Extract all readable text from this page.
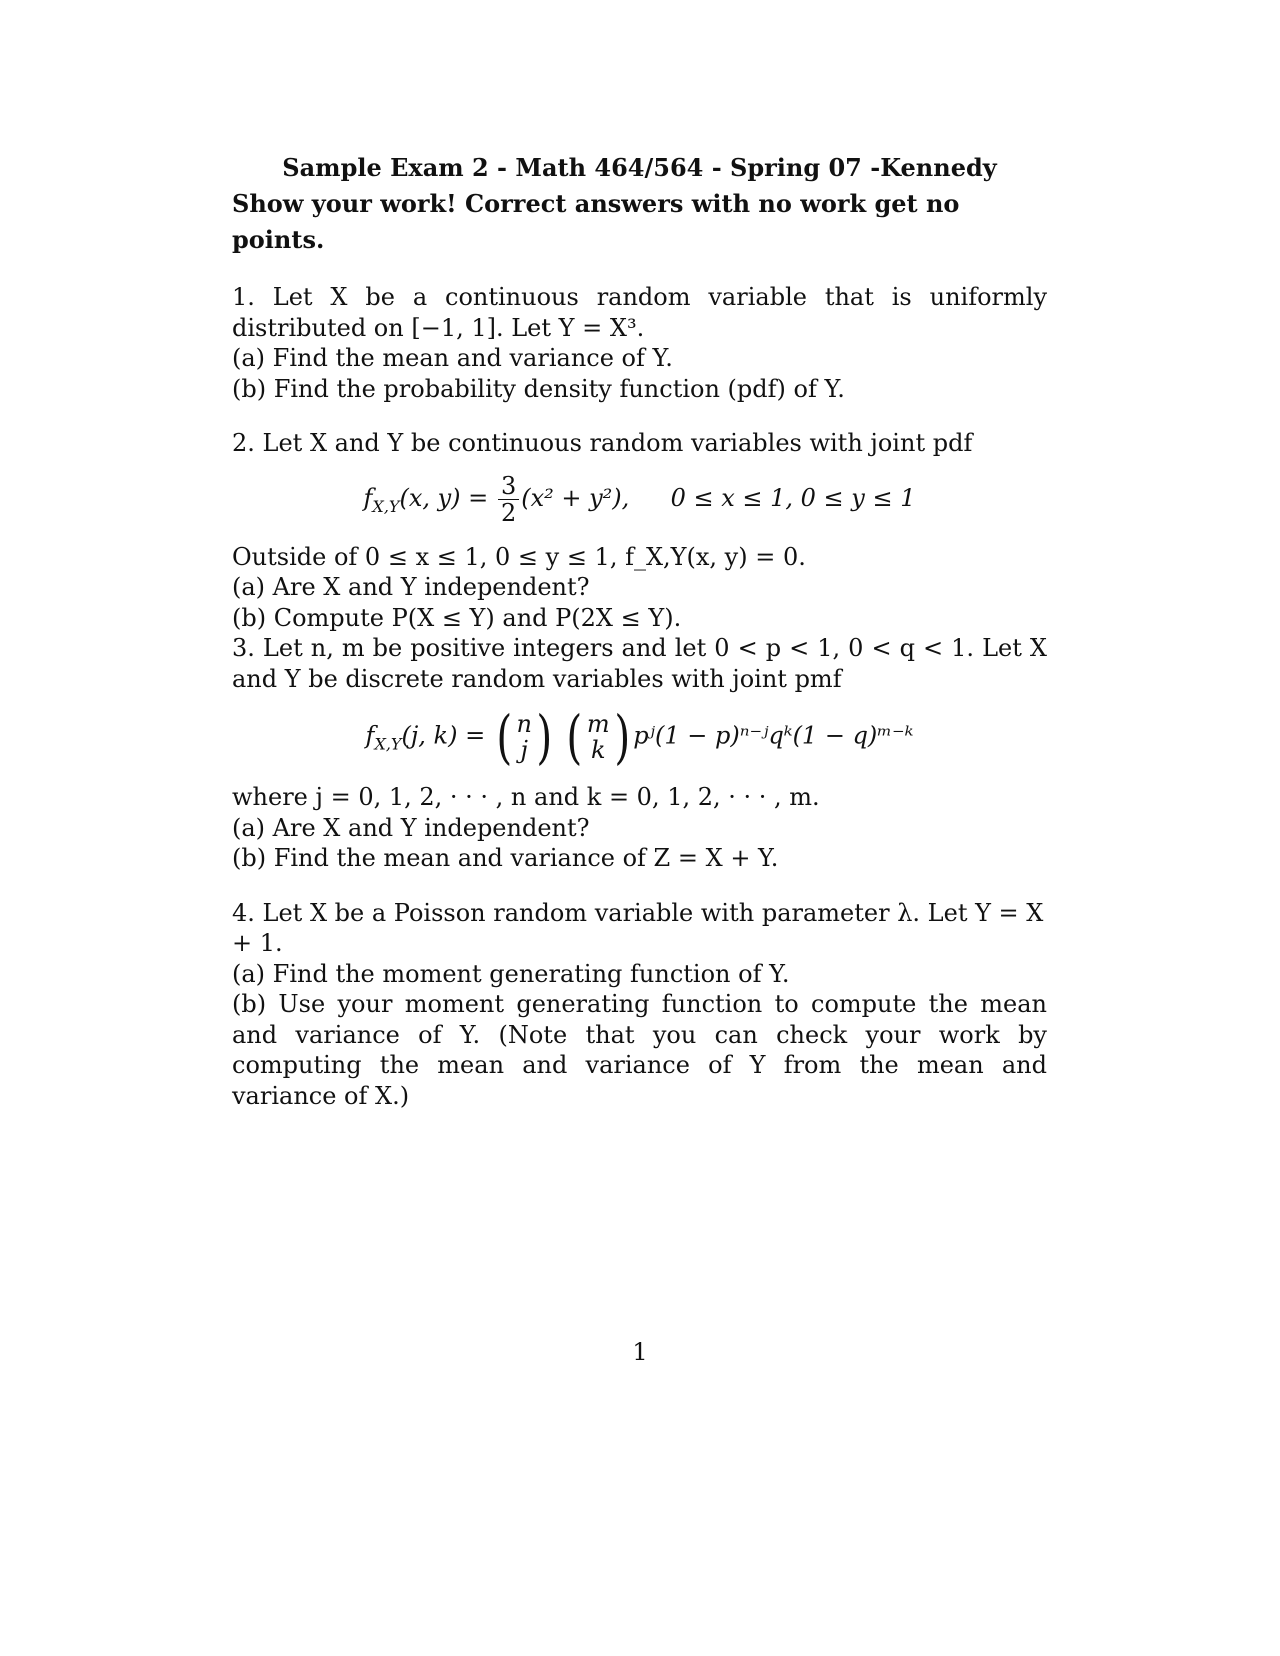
Sample Exam 2 - Math 464/564 - Spring 07 -Kennedy

Show your work! Correct answers with no work get no points.

1. Let X be a continuous random variable that is uniformly distributed on [−1, 1]. Let Y = X³.

(a) Find the mean and variance of Y.

(b) Find the probability density function (pdf) of Y.

2. Let X and Y be continuous random variables with joint pdf

$f_{X,Y}(x$, $y) = \frac{3}{2} (x^2 + y^2)$, 0 ≤ x ≤ 1, 0 ≤ y ≤ 1

Outside of 0 ≤ x ≤ 1, 0 ≤ y ≤ 1, f_X,Y(x, y) = 0.

(a) Are X and Y independent?

(b) Compute P(X ≤ Y) and P(2X ≤ Y).

3. Let n, m be positive integers and let 0 < p < 1, 0 < q < 1. Let X and Y be discrete random variables with joint pmf

$f_{X,Y}(j$, k) = ( n
j )
( m
k ) pʲ(1 − p)ⁿ⁻ʲqᵏ(1 − q)ᵐ⁻ᵏ

where j = 0, 1, 2, · · · , n and k = 0, 1, 2, · · · , m.

(a) Are X and Y independent?

(b) Find the mean and variance of Z = X + Y.

4. Let X be a Poisson random variable with parameter λ. Let Y = X + 1.

(a) Find the moment generating function of Y.

(b) Use your moment generating function to compute the mean and variance of Y. (Note that you can check your work by computing the mean and variance of Y from the mean and variance of X.)

1
